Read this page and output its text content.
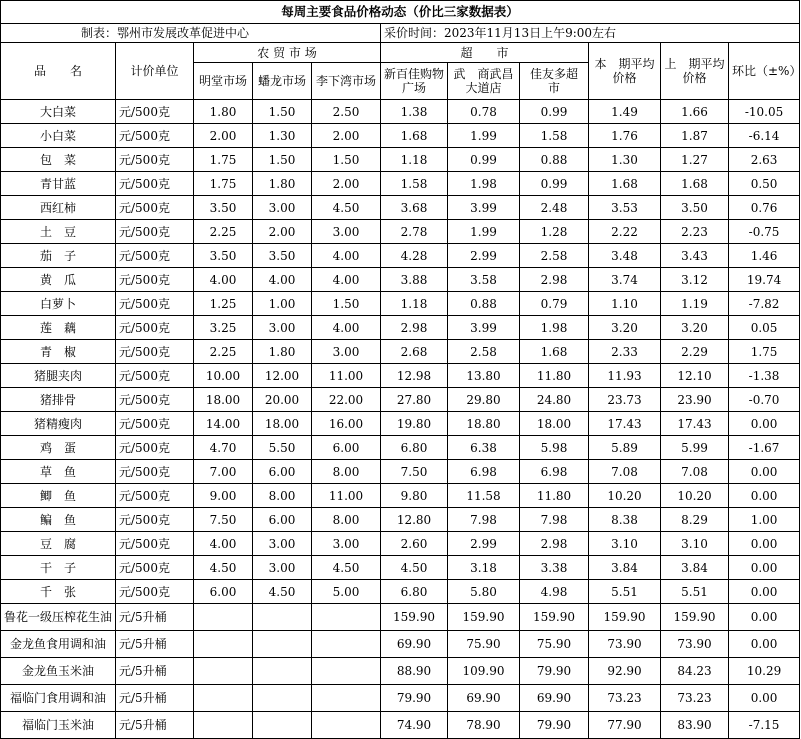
每周主要食品价格动态（价比三家数据表）										
制表：鄂州市发展改革促进中心					采价时间：2023年11月13日上午9:00左右					
品　　名	计价单位	农 贸 市 场			超　　市			本　期平均价格	上　期平均价格	环比（±%）
		明堂市场	蟠龙市场	李下湾市场	新百佳购物广场	武　商武昌大道店	佳友多超　市			
大白菜	元/500克	1.80	1.50	2.50	1.38	0.78	0.99	1.49	1.66	-10.05
小白菜	元/500克	2.00	1.30	2.00	1.68	1.99	1.58	1.76	1.87	-6.14
包　菜	元/500克	1.75	1.50	1.50	1.18	0.99	0.88	1.30	1.27	2.63
青甘蓝	元/500克	1.75	1.80	2.00	1.58	1.98	0.99	1.68	1.68	0.50
西红柿	元/500克	3.50	3.00	4.50	3.68	3.99	2.48	3.53	3.50	0.76
土　豆	元/500克	2.25	2.00	3.00	2.78	1.99	1.28	2.22	2.23	-0.75
茄　子	元/500克	3.50	3.50	4.00	4.28	2.99	2.58	3.48	3.43	1.46
黄　瓜	元/500克	4.00	4.00	4.00	3.88	3.58	2.98	3.74	3.12	19.74
白萝卜	元/500克	1.25	1.00	1.50	1.18	0.88	0.79	1.10	1.19	-7.82
莲　藕	元/500克	3.25	3.00	4.00	2.98	3.99	1.98	3.20	3.20	0.05
青　椒	元/500克	2.25	1.80	3.00	2.68	2.58	1.68	2.33	2.29	1.75
猪腿夹肉	元/500克	10.00	12.00	11.00	12.98	13.80	11.80	11.93	12.10	-1.38
猪排骨	元/500克	18.00	20.00	22.00	27.80	29.80	24.80	23.73	23.90	-0.70
猪精瘦肉	元/500克	14.00	18.00	16.00	19.80	18.80	18.00	17.43	17.43	0.00
鸡　蛋	元/500克	4.70	5.50	6.00	6.80	6.38	5.98	5.89	5.99	-1.67
草　鱼	元/500克	7.00	6.00	8.00	7.50	6.98	6.98	7.08	7.08	0.00
鲫　鱼	元/500克	9.00	8.00	11.00	9.80	11.58	11.80	10.20	10.20	0.00
鳊　鱼	元/500克	7.50	6.00	8.00	12.80	7.98	7.98	8.38	8.29	1.00
豆　腐	元/500克	4.00	3.00	3.00	2.60	2.99	2.98	3.10	3.10	0.00
干　子	元/500克	4.50	3.00	4.50	4.50	3.18	3.38	3.84	3.84	0.00
千　张	元/500克	6.00	4.50	5.00	6.80	5.80	4.98	5.51	5.51	0.00
鲁花一级压榨花生油	元/5升桶				159.90	159.90	159.90	159.90	159.90	0.00
金龙鱼食用调和油	元/5升桶				69.90	75.90	75.90	73.90	73.90	0.00
金龙鱼玉米油	元/5升桶				88.90	109.90	79.90	92.90	84.23	10.29
福临门食用调和油	元/5升桶				79.90	69.90	69.90	73.23	73.23	0.00
福临门玉米油	元/5升桶				74.90	78.90	79.90	77.90	83.90	-7.15
